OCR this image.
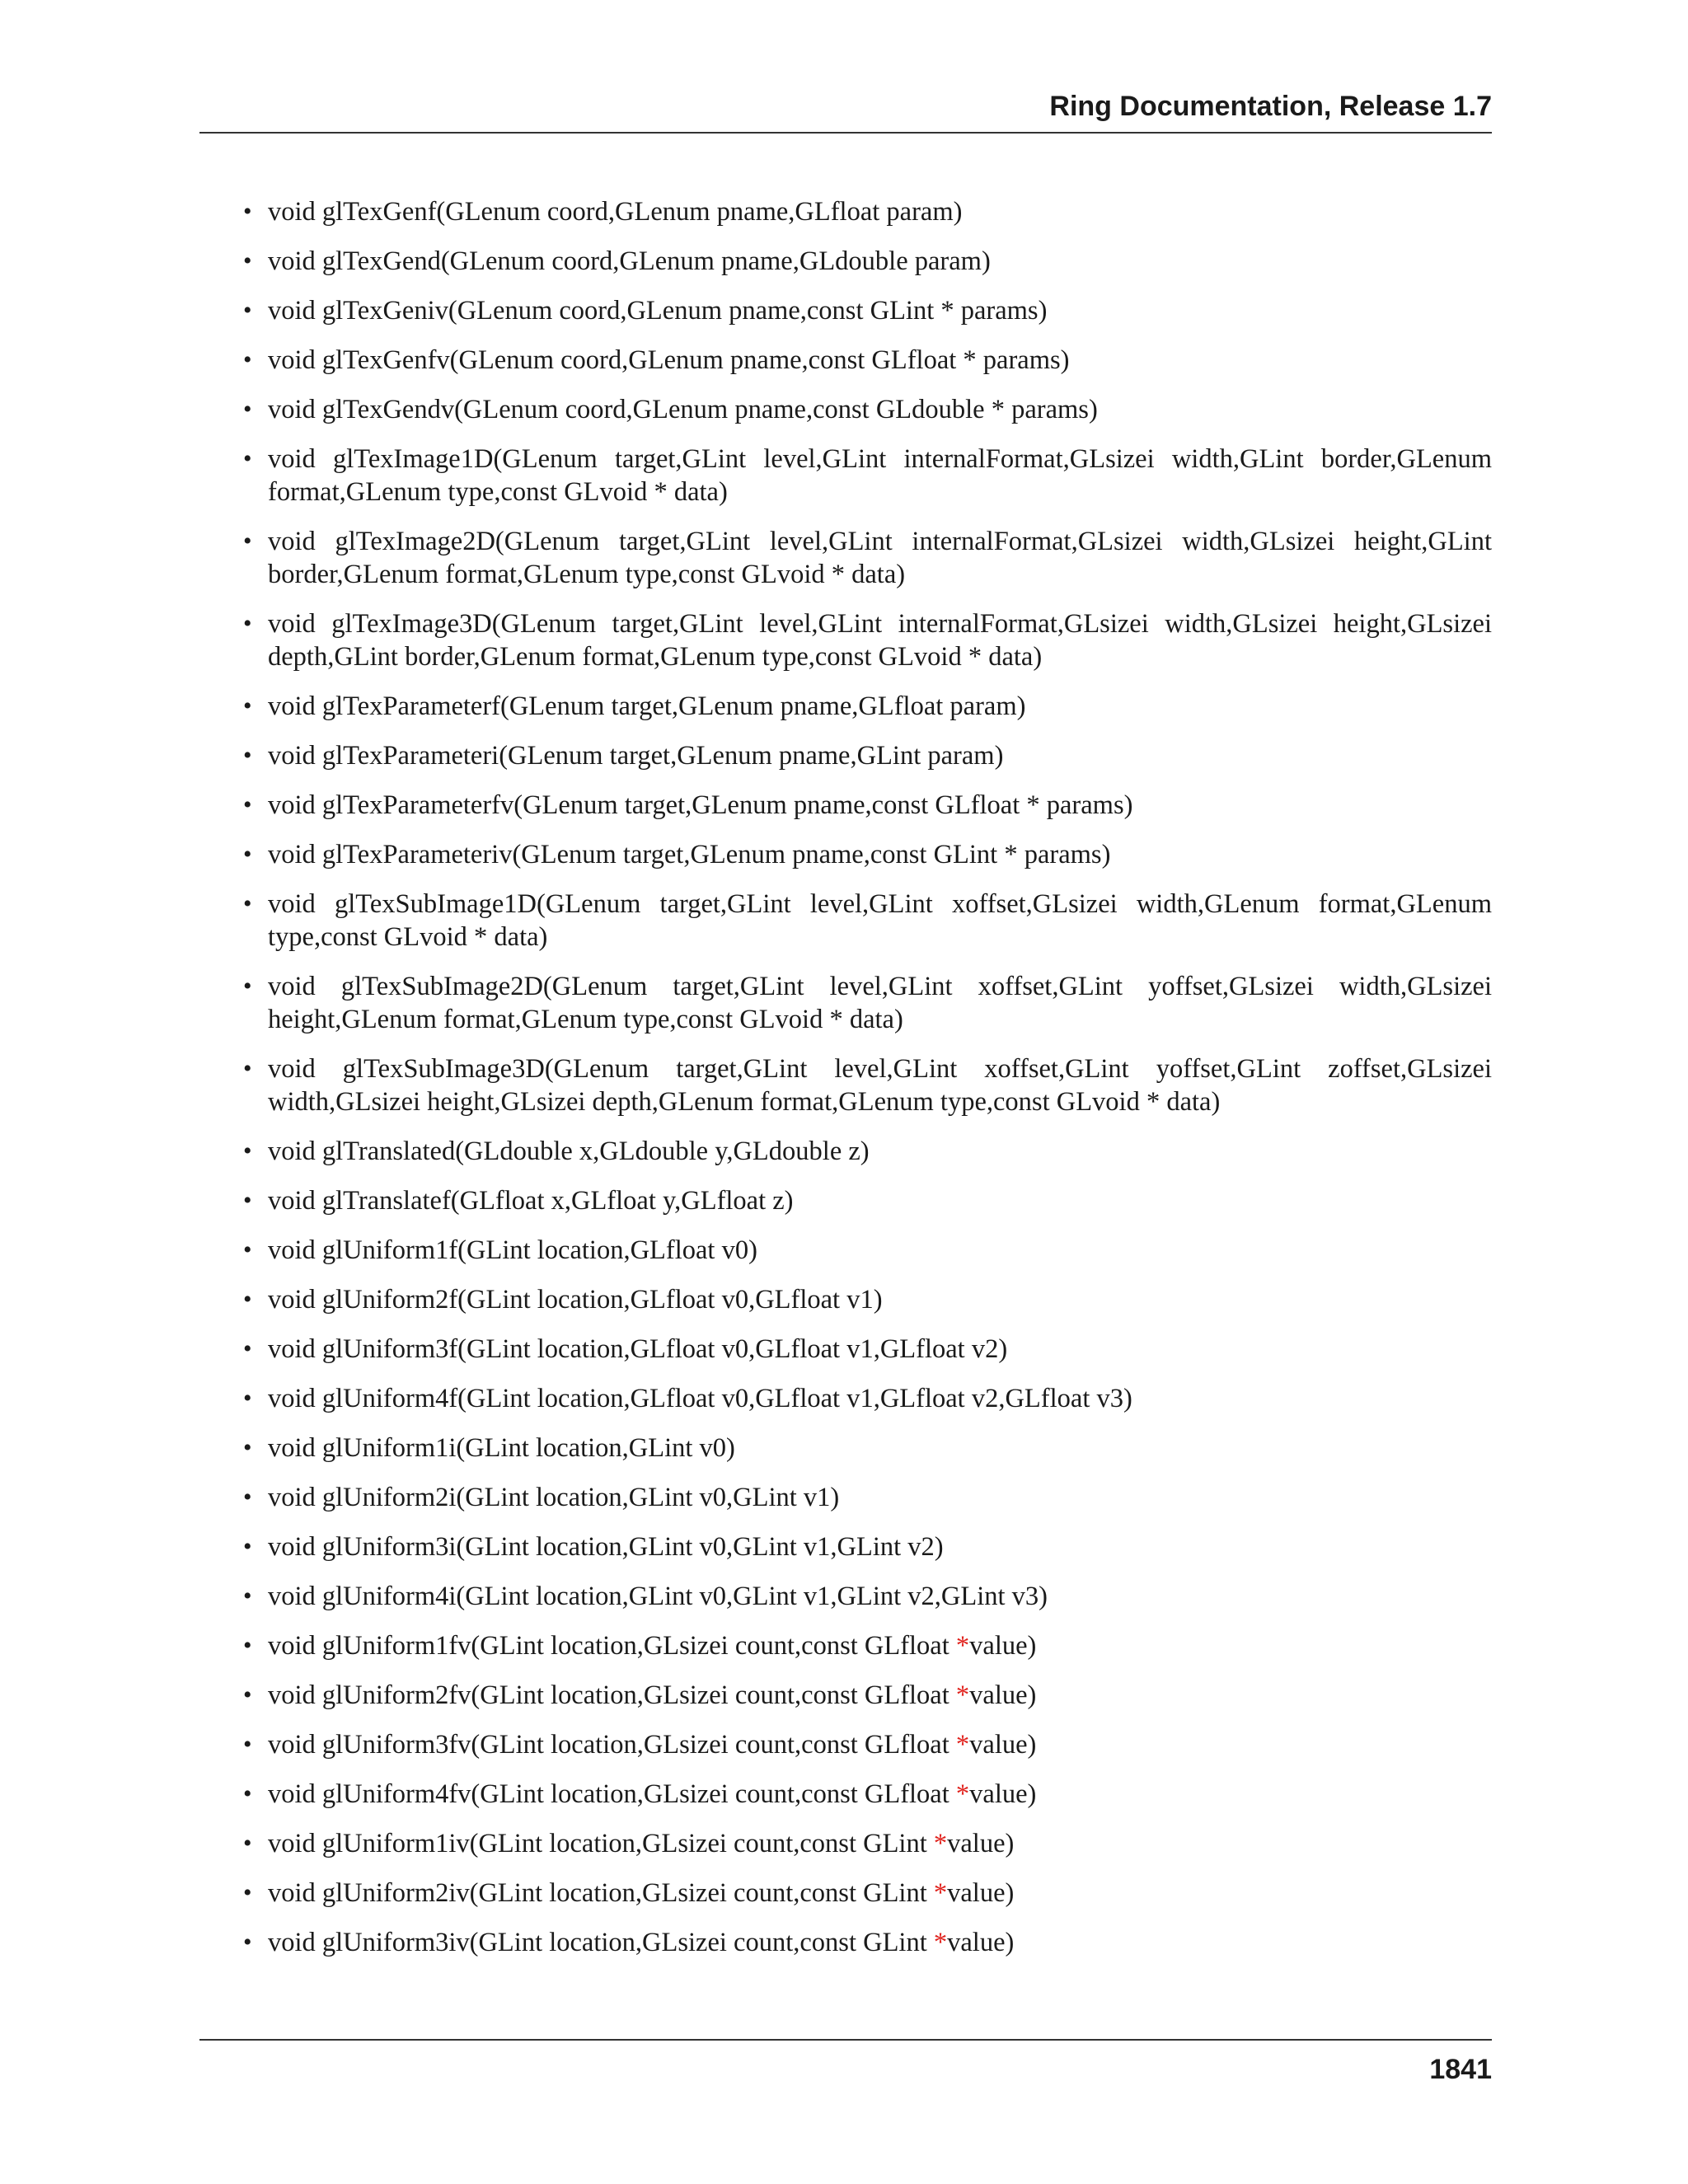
Ring Documentation, Release 1.7
• void glTexGenf(GLenum coord,GLenum pname,GLfloat param)
• void glTexGend(GLenum coord,GLenum pname,GLdouble param)
• void glTexGeniv(GLenum coord,GLenum pname,const GLint * params)
• void glTexGenfv(GLenum coord,GLenum pname,const GLfloat * params)
• void glTexGendv(GLenum coord,GLenum pname,const GLdouble * params)
• void glTexImage1D(GLenum target,GLint level,GLint internalFormat,GLsizei width,GLint border,GLenum format,GLenum type,const GLvoid * data)
• void glTexImage2D(GLenum target,GLint level,GLint internalFormat,GLsizei width,GLsizei height,GLint border,GLenum format,GLenum type,const GLvoid * data)
• void glTexImage3D(GLenum target,GLint level,GLint internalFormat,GLsizei width,GLsizei height,GLsizei depth,GLint border,GLenum format,GLenum type,const GLvoid * data)
• void glTexParameterf(GLenum target,GLenum pname,GLfloat param)
• void glTexParameteri(GLenum target,GLenum pname,GLint param)
• void glTexParameterfv(GLenum target,GLenum pname,const GLfloat * params)
• void glTexParameteriv(GLenum target,GLenum pname,const GLint * params)
• void glTexSubImage1D(GLenum target,GLint level,GLint xoffset,GLsizei width,GLenum format,GLenum type,const GLvoid * data)
• void glTexSubImage2D(GLenum target,GLint level,GLint xoffset,GLint yoffset,GLsizei width,GLsizei height,GLenum format,GLenum type,const GLvoid * data)
• void glTexSubImage3D(GLenum target,GLint level,GLint xoffset,GLint yoffset,GLint zoffset,GLsizei width,GLsizei height,GLsizei depth,GLenum format,GLenum type,const GLvoid * data)
• void glTranslated(GLdouble x,GLdouble y,GLdouble z)
• void glTranslatef(GLfloat x,GLfloat y,GLfloat z)
• void glUniform1f(GLint location,GLfloat v0)
• void glUniform2f(GLint location,GLfloat v0,GLfloat v1)
• void glUniform3f(GLint location,GLfloat v0,GLfloat v1,GLfloat v2)
• void glUniform4f(GLint location,GLfloat v0,GLfloat v1,GLfloat v2,GLfloat v3)
• void glUniform1i(GLint location,GLint v0)
• void glUniform2i(GLint location,GLint v0,GLint v1)
• void glUniform3i(GLint location,GLint v0,GLint v1,GLint v2)
• void glUniform4i(GLint location,GLint v0,GLint v1,GLint v2,GLint v3)
• void glUniform1fv(GLint location,GLsizei count,const GLfloat *value)
• void glUniform2fv(GLint location,GLsizei count,const GLfloat *value)
• void glUniform3fv(GLint location,GLsizei count,const GLfloat *value)
• void glUniform4fv(GLint location,GLsizei count,const GLfloat *value)
• void glUniform1iv(GLint location,GLsizei count,const GLint *value)
• void glUniform2iv(GLint location,GLsizei count,const GLint *value)
• void glUniform3iv(GLint location,GLsizei count,const GLint *value)
1841
